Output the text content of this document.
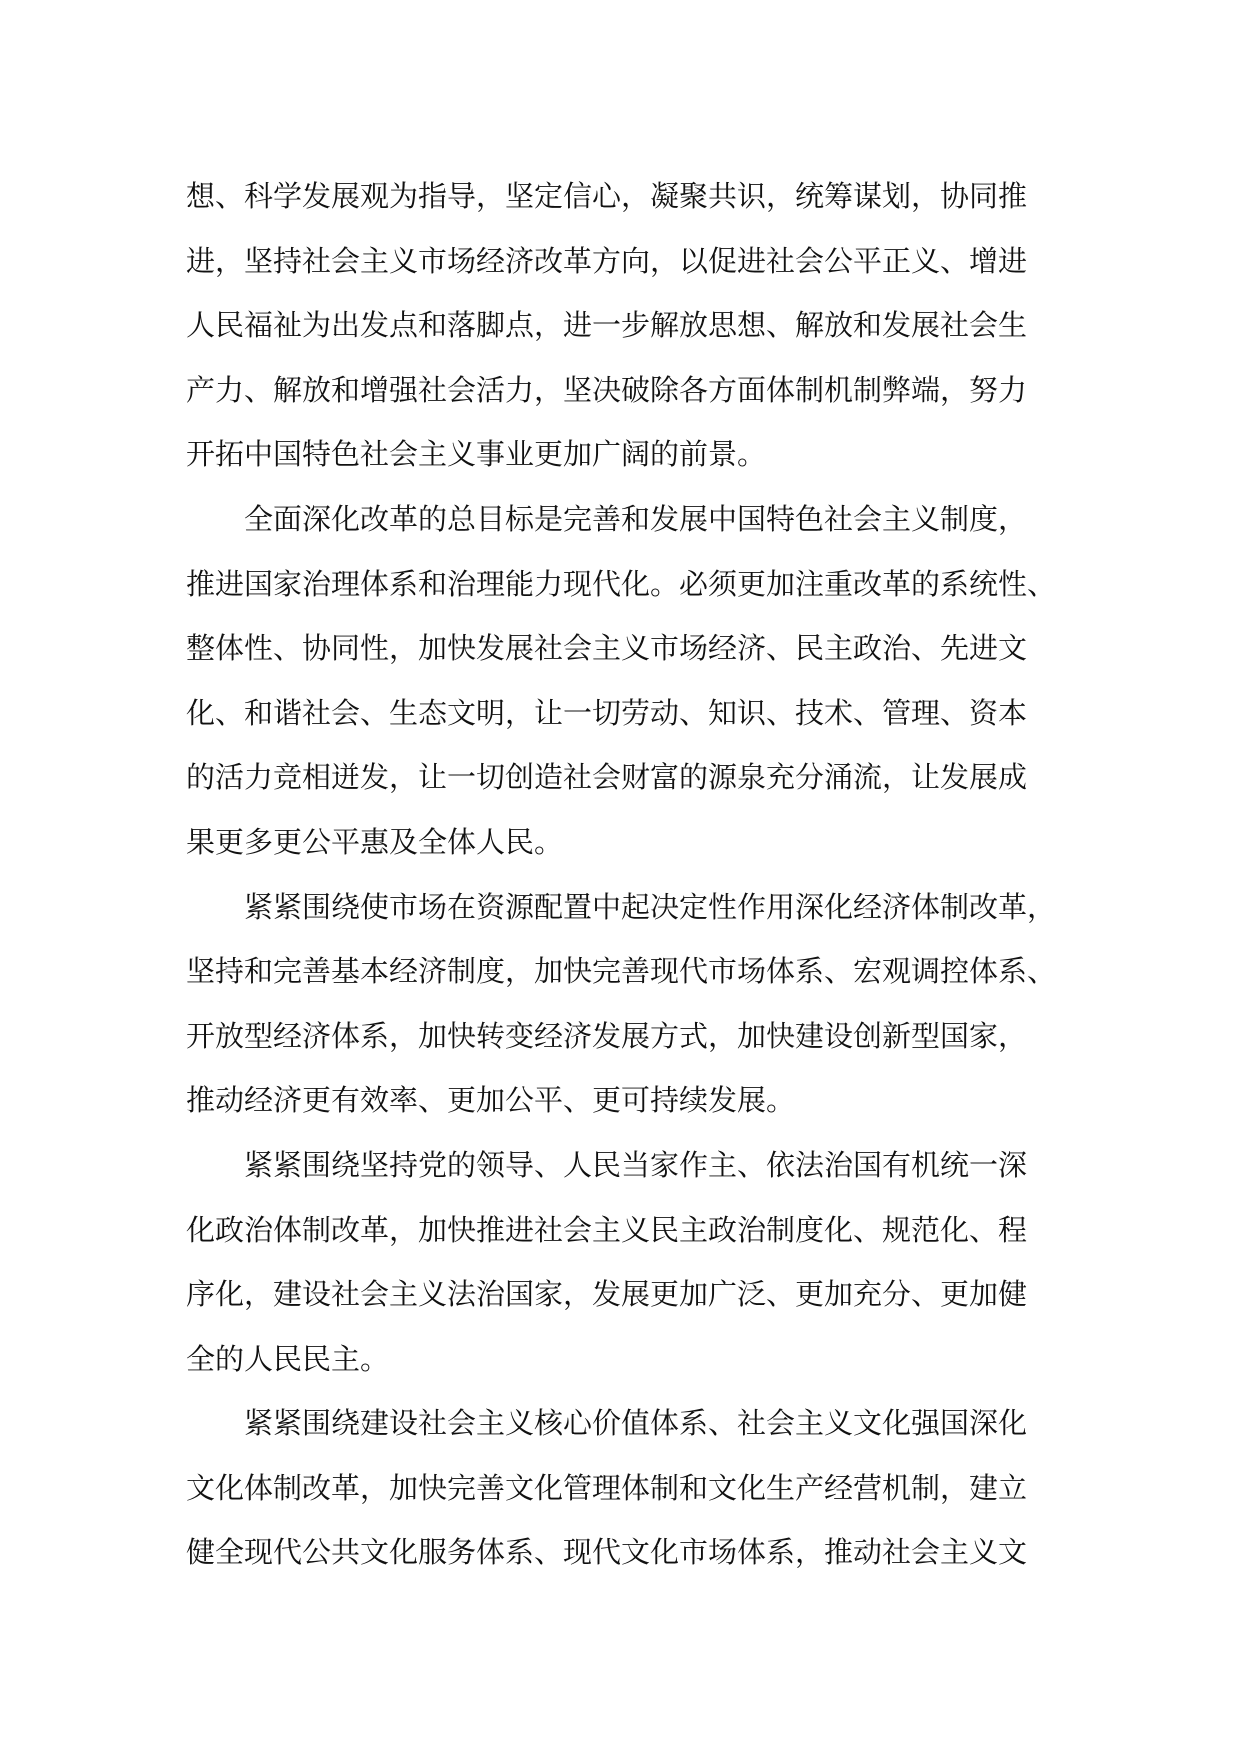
想、科学发展观为指导，坚定信心，凝聚共识，统筹谋划，协同推
进，坚持社会主义市场经济改革方向，以促进社会公平正义、增进
人民福祉为出发点和落脚点，进一步解放思想、解放和发展社会生
产力、解放和增强社会活力，坚决破除各方面体制机制弊端，努力
开拓中国特色社会主义事业更加广阔的前景。

全面深化改革的总目标是完善和发展中国特色社会主义制度，
推进国家治理体系和治理能力现代化。必须更加注重改革的系统性、
整体性、协同性，加快发展社会主义市场经济、民主政治、先进文
化、和谐社会、生态文明，让一切劳动、知识、技术、管理、资本
的活力竞相迸发，让一切创造社会财富的源泉充分涌流，让发展成
果更多更公平惠及全体人民。

紧紧围绕使市场在资源配置中起决定性作用深化经济体制改革，
坚持和完善基本经济制度，加快完善现代市场体系、宏观调控体系、
开放型经济体系，加快转变经济发展方式，加快建设创新型国家，
推动经济更有效率、更加公平、更可持续发展。

紧紧围绕坚持党的领导、人民当家作主、依法治国有机统一深
化政治体制改革，加快推进社会主义民主政治制度化、规范化、程
序化，建设社会主义法治国家，发展更加广泛、更加充分、更加健
全的人民民主。

紧紧围绕建设社会主义核心价值体系、社会主义文化强国深化
文化体制改革，加快完善文化管理体制和文化生产经营机制，建立
健全现代公共文化服务体系、现代文化市场体系，推动社会主义文
